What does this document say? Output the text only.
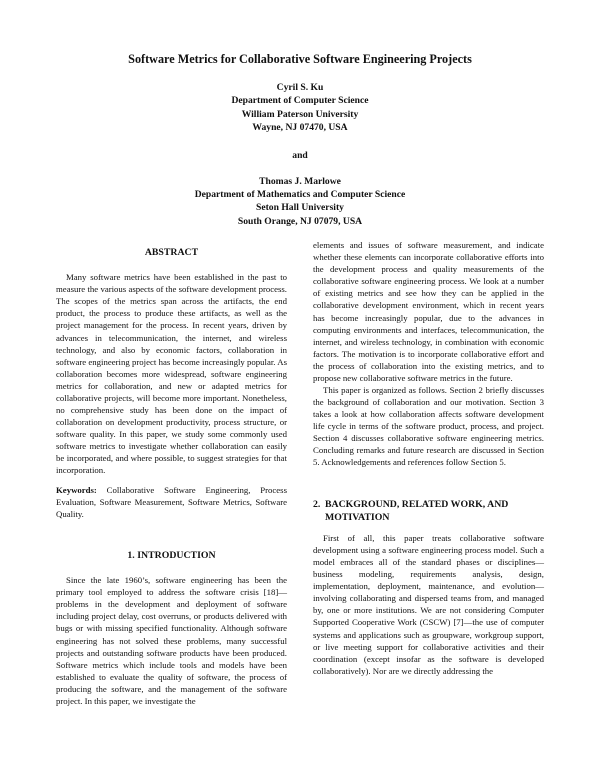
Software Metrics for Collaborative Software Engineering Projects
Cyril S. Ku
Department of Computer Science
William Paterson University
Wayne, NJ 07470, USA
and
Thomas J. Marlowe
Department of Mathematics and Computer Science
Seton Hall University
South Orange, NJ 07079, USA
ABSTRACT

Many software metrics have been established in the past to measure the various aspects of the software development process. The scopes of the metrics span across the artifacts, the end product, the process to produce these artifacts, as well as the project management for the process. In recent years, driven by advances in telecommunication, the internet, and wireless technology, and also by economic factors, collaboration in software engineering project has become increasingly popular. As collaboration becomes more widespread, software engineering metrics for collaboration, and new or adapted metrics for collaborative projects, will become more important. Nonetheless, no comprehensive study has been done on the impact of collaboration on development productivity, process structure, or software quality. In this paper, we study some commonly used software metrics to investigate whether collaboration can easily be incorporated, and where possible, to suggest strategies for that incorporation.

Keywords: Collaborative Software Engineering, Process Evaluation, Software Measurement, Software Metrics, Software Quality.

1. INTRODUCTION

Since the late 1960’s, software engineering has been the primary tool employed to address the software crisis [18]—problems in the development and deployment of software including project delay, cost overruns, or products delivered with bugs or with missing specified functionality. Although software engineering has not solved these problems, many successful projects and outstanding software products have been produced. Software metrics which include tools and models have been established to evaluate the quality of software, the process of producing the software, and the management of the software project. In this paper, we investigate the

elements and issues of software measurement, and indicate whether these elements can incorporate collaborative efforts into the development process and quality measurements of the collaborative software engineering process. We look at a number of existing metrics and see how they can be applied in the collaborative development environment, which in recent years has become increasingly popular, due to the advances in computing environments and interfaces, telecommunication, the internet, and wireless technology, in combination with economic factors. The motivation is to incorporate collaborative effort and the process of collaboration into the existing metrics, and to propose new collaborative software metrics in the future.

This paper is organized as follows. Section 2 briefly discusses the background of collaboration and our motivation. Section 3 takes a look at how collaboration affects software development life cycle in terms of the software product, process, and project. Section 4 discusses collaborative software engineering metrics. Concluding remarks and future research are discussed in Section 5. Acknowledgements and references follow Section 5.

2. BACKGROUND, RELATED WORK, AND
MOTIVATION

First of all, this paper treats collaborative software development using a software engineering process model. Such a model embraces all of the standard phases or disciplines—business modeling, requirements analysis, design, implementation, deployment, maintenance, and evolution—involving collaborating and dispersed teams from, and managed by, one or more institutions. We are not considering Computer Supported Cooperative Work (CSCW) [7]—the use of computer systems and applications such as groupware, workgroup support, or live meeting support for collaborative activities and their coordination (except insofar as the software is developed collaboratively). Nor are we directly addressing the
